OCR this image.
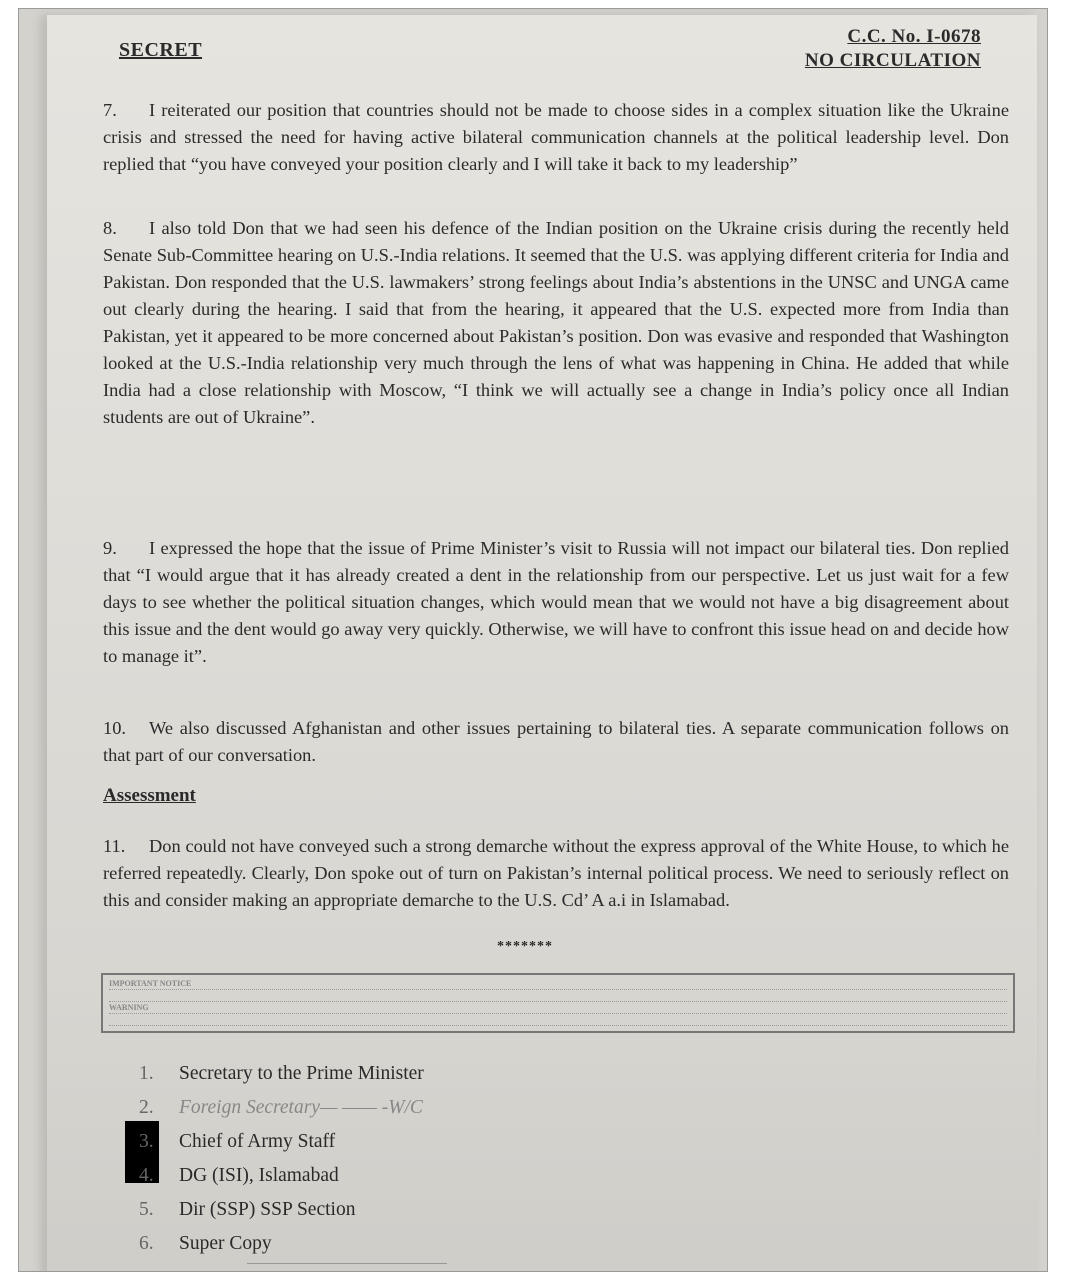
SECRET
C.C. No. I-0678
NO CIRCULATION
7. I reiterated our position that countries should not be made to choose sides in a complex situation like the Ukraine crisis and stressed the need for having active bilateral communication channels at the political leadership level. Don replied that “you have conveyed your position clearly and I will take it back to my leadership”
8. I also told Don that we had seen his defence of the Indian position on the Ukraine crisis during the recently held Senate Sub-Committee hearing on U.S.-India relations. It seemed that the U.S. was applying different criteria for India and Pakistan. Don responded that the U.S. lawmakers’ strong feelings about India’s abstentions in the UNSC and UNGA came out clearly during the hearing. I said that from the hearing, it appeared that the U.S. expected more from India than Pakistan, yet it appeared to be more concerned about Pakistan’s position. Don was evasive and responded that Washington looked at the U.S.-India relationship very much through the lens of what was happening in China. He added that while India had a close relationship with Moscow, “I think we will actually see a change in India’s policy once all Indian students are out of Ukraine”.
9. I expressed the hope that the issue of Prime Minister’s visit to Russia will not impact our bilateral ties. Don replied that “I would argue that it has already created a dent in the relationship from our perspective. Let us just wait for a few days to see whether the political situation changes, which would mean that we would not have a big disagreement about this issue and the dent would go away very quickly. Otherwise, we will have to confront this issue head on and decide how to manage it”.
10. We also discussed Afghanistan and other issues pertaining to bilateral ties. A separate communication follows on that part of our conversation.
Assessment
11. Don could not have conveyed such a strong demarche without the express approval of the White House, to which he referred repeatedly. Clearly, Don spoke out of turn on Pakistan’s internal political process. We need to seriously reflect on this and consider making an appropriate demarche to the U.S. Cd’ A a.i in Islamabad.
*******
IMPORTANT NOTICE
WARNING
1.	Secretary to the Prime Minister
2.	Foreign Secretary— —— -W/C
3.	Chief of Army Staff
4.	DG (ISI), Islamabad
5.	Dir (SSP) SSP Section
6.	Super Copy
